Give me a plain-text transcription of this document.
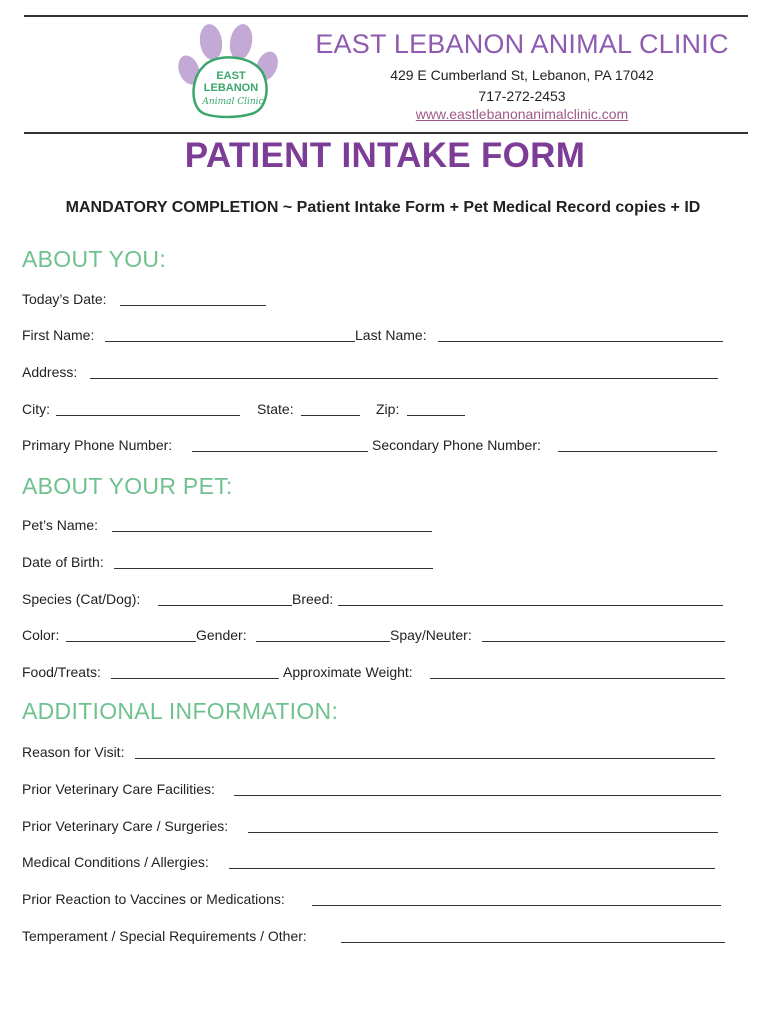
EAST
LEBANON
Animal Clinic
EAST LEBANON ANIMAL CLINIC
429 E Cumberland St, Lebanon, PA 17042
717-272-2453
www.eastlebanonanimalclinic.com
PATIENT INTAKE FORM
MANDATORY COMPLETION ~ Patient Intake Form + Pet Medical Record copies + ID
ABOUT YOU:
Today’s Date:
First Name:	Last Name:
Address:
City:	State:	Zip:
Primary Phone Number:	Secondary Phone Number:
ABOUT YOUR PET:
Pet’s Name:
Date of Birth:
Species (Cat/Dog):	Breed:
Color:	Gender:	Spay/Neuter:
Food/Treats:	Approximate Weight:
ADDITIONAL INFORMATION:
Reason for Visit:
Prior Veterinary Care Facilities:
Prior Veterinary Care / Surgeries:
Medical Conditions / Allergies:
Prior Reaction to Vaccines or Medications:
Temperament / Special Requirements / Other:
